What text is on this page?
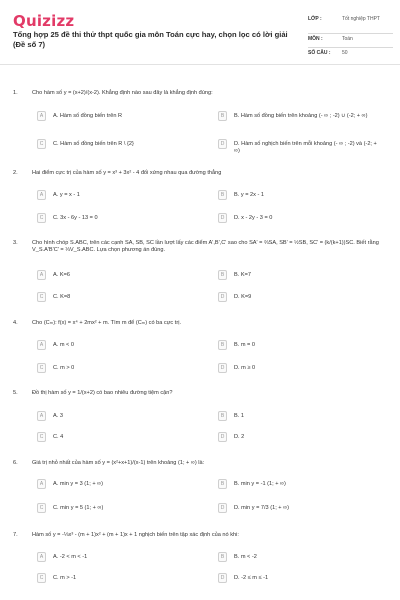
Quizizz
Tổng hợp 25 đề thi thử thpt quốc gia môn Toán cực hay, chọn lọc có lời giải (Đề số 7)
LỚP :	Tốt nghiệp THPT
MÔN :	Toán
SỐ CÂU : 50
1.	Cho hàm số y = (x+2)/(x-2). Khẳng định nào sau đây là khẳng định đúng:
A	A. Hàm số đồng biến trên R	B	B. Hàm số đồng biến trên khoảng (- ∞ ; -2) ∪ (-2; + ∞)
C	C. Hàm số đồng biến trên R \ {2}	D	D. Hàm số nghịch biến trên mỗi khoảng (- ∞ ; -2) và (-2; + ∞)
2.	Hai điểm cực trị của hàm số y = x³ + 3x² - 4 đối xứng nhau qua đường thẳng
A	A. y = x - 1	B	B. y = 2x - 1
C	C. 3x - 6y - 13 = 0	D	D. x - 2y - 3 = 0
3.	Cho hình chóp S.ABC, trên các cạnh SA, SB, SC lần lượt lấy các điểm A',B',C' sao cho SA' = ⅔SA, SB' = ½SB, SC' = (k/(k+1))SC. Biết rằng V_S.A'B'C' = ⅓V_S.ABC. Lựa chọn phương án đúng.
A	A. K=6	B	B. K=7
C	C. K=8	D	D. K=9
4.	Cho (Cₘ): f(x) = x⁴ + 2mx² + m. Tìm m để (Cₘ) có ba cực trị.
A	A. m < 0	B	B. m = 0
C	C. m > 0	D	D. m ≥ 0
5.	Đồ thị hàm số y = 1/(x+2) có bao nhiêu đường tiệm cận?
A	A. 3	B	B. 1
C	C. 4	D	D. 2
6.	Giá trị nhỏ nhất của hàm số y = (x²+x+1)/(x-1) trên khoảng (1; + ∞) là:
A	A. min y = 3 (1; + ∞)	B	B. min y = -1 (1; + ∞)
C	C. min y = 5 (1; + ∞)	D	D. min y = 7/3 (1; + ∞)
7.	Hàm số y = -⅓x³ - (m + 1)x² + (m + 1)x + 1 nghịch biến trên tập xác định của nó khi:
A	A. -2 < m < -1	B	B. m < -2
C	C. m > -1	D	D. -2 ≤ m ≤ -1
